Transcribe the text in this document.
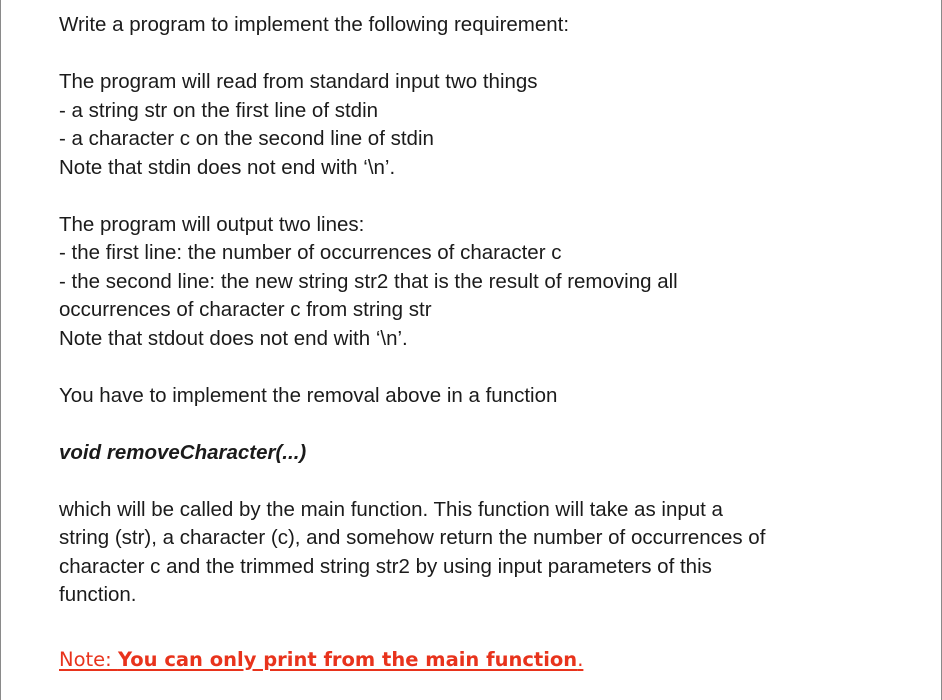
Write a program to implement the following requirement:
The program will read from standard input two things
- a string str on the first line of stdin
- a character c on the second line of stdin
Note that stdin does not end with ‘\n’.
The program will output two lines:
- the first line: the number of occurrences of character c
- the second line: the new string str2 that is the result of removing all
occurrences of character c from string str
Note that stdout does not end with ‘\n’.
You have to implement the removal above in a function
void removeCharacter(...)
which will be called by the main function. This function will take as input a
string (str), a character (c), and somehow return the number of occurrences of
character c and the trimmed string str2 by using input parameters of this
function.
Note: You can only print from the main function.
